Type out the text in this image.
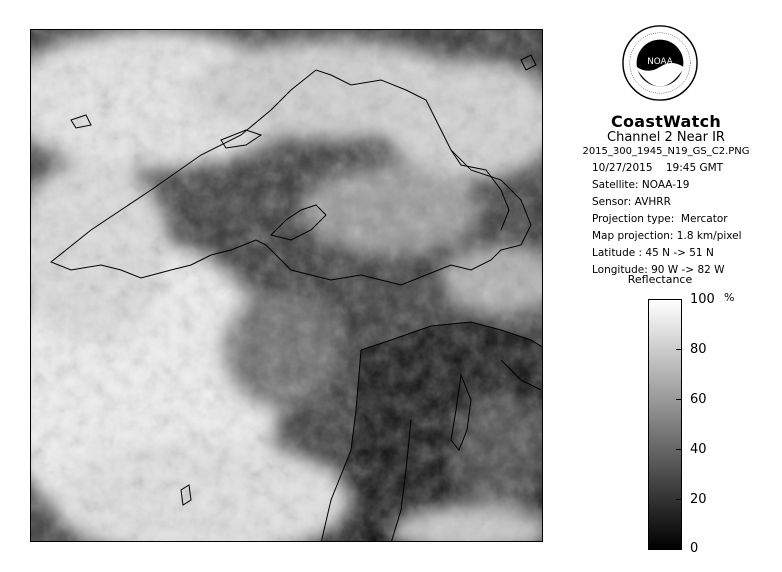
NOAA
CoastWatch
Channel 2 Near IR
2015_300_1945_N19_GS_C2.PNG
10/27/2015    19:45 GMT
Satellite: NOAA-19
Sensor: AVHRR
Projection type:  Mercator
Map projection: 1.8 km/pixel
Latitude : 45 N -> 51 N
Longitude: 90 W -> 82 W
Reflectance
%
100
80
60
40
20
0
